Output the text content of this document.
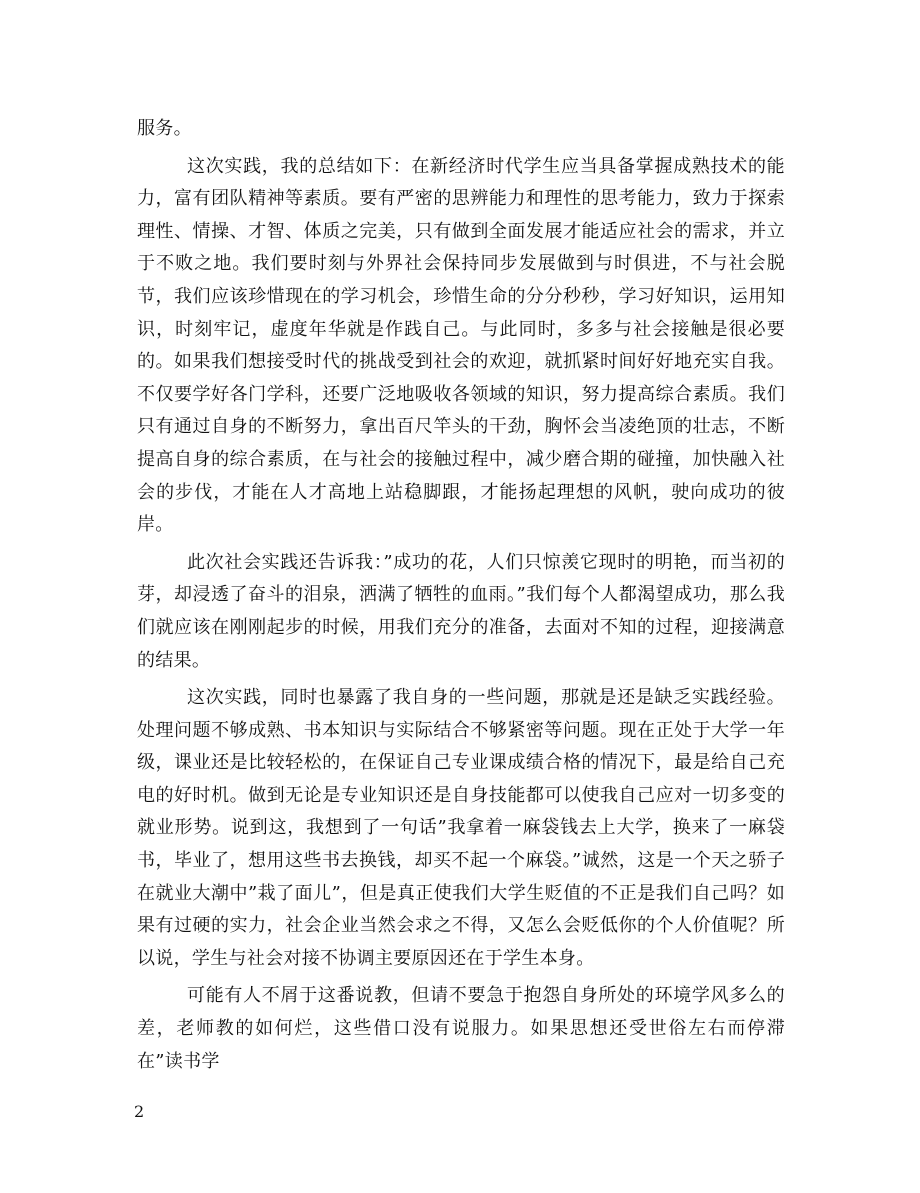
服务。

这次实践，我的总结如下：在新经济时代学生应当具备掌握成熟技术的能力，富有团队精神等素质。要有严密的思辨能力和理性的思考能力，致力于探索理性、情操、才智、体质之完美，只有做到全面发展才能适应社会的需求，并立于不败之地。我们要时刻与外界社会保持同步发展做到与时俱进，不与社会脱节，我们应该珍惜现在的学习机会，珍惜生命的分分秒秒，学习好知识，运用知识，时刻牢记，虚度年华就是作践自己。与此同时，多多与社会接触是很必要的。如果我们想接受时代的挑战受到社会的欢迎，就抓紧时间好好地充实自我。不仅要学好各门学科，还要广泛地吸收各领域的知识，努力提高综合素质。我们只有通过自身的不断努力，拿出百尺竿头的干劲，胸怀会当凌绝顶的壮志，不断提高自身的综合素质，在与社会的接触过程中，减少磨合期的碰撞，加快融入社会的步伐，才能在人才高地上站稳脚跟，才能扬起理想的风帆，驶向成功的彼岸。

此次社会实践还告诉我：”成功的花，人们只惊羡它现时的明艳，而当初的芽，却浸透了奋斗的泪泉，洒满了牺牲的血雨。”我们每个人都渴望成功，那么我们就应该在刚刚起步的时候，用我们充分的准备，去面对不知的过程，迎接满意的结果。

这次实践，同时也暴露了我自身的一些问题，那就是还是缺乏实践经验。处理问题不够成熟、书本知识与实际结合不够紧密等问题。现在正处于大学一年级，课业还是比较轻松的，在保证自己专业课成绩合格的情况下，最是给自己充电的好时机。做到无论是专业知识还是自身技能都可以使我自己应对一切多变的就业形势。说到这，我想到了一句话”我拿着一麻袋钱去上大学，换来了一麻袋书，毕业了，想用这些书去换钱，却买不起一个麻袋。”诚然，这是一个天之骄子在就业大潮中”栽了面儿”，但是真正使我们大学生贬值的不正是我们自己吗？如果有过硬的实力，社会企业当然会求之不得，又怎么会贬低你的个人价值呢？所以说，学生与社会对接不协调主要原因还在于学生本身。

可能有人不屑于这番说教，但请不要急于抱怨自身所处的环境学风多么的差，老师教的如何烂，这些借口没有说服力。如果思想还受世俗左右而停滞在”读书学

2
